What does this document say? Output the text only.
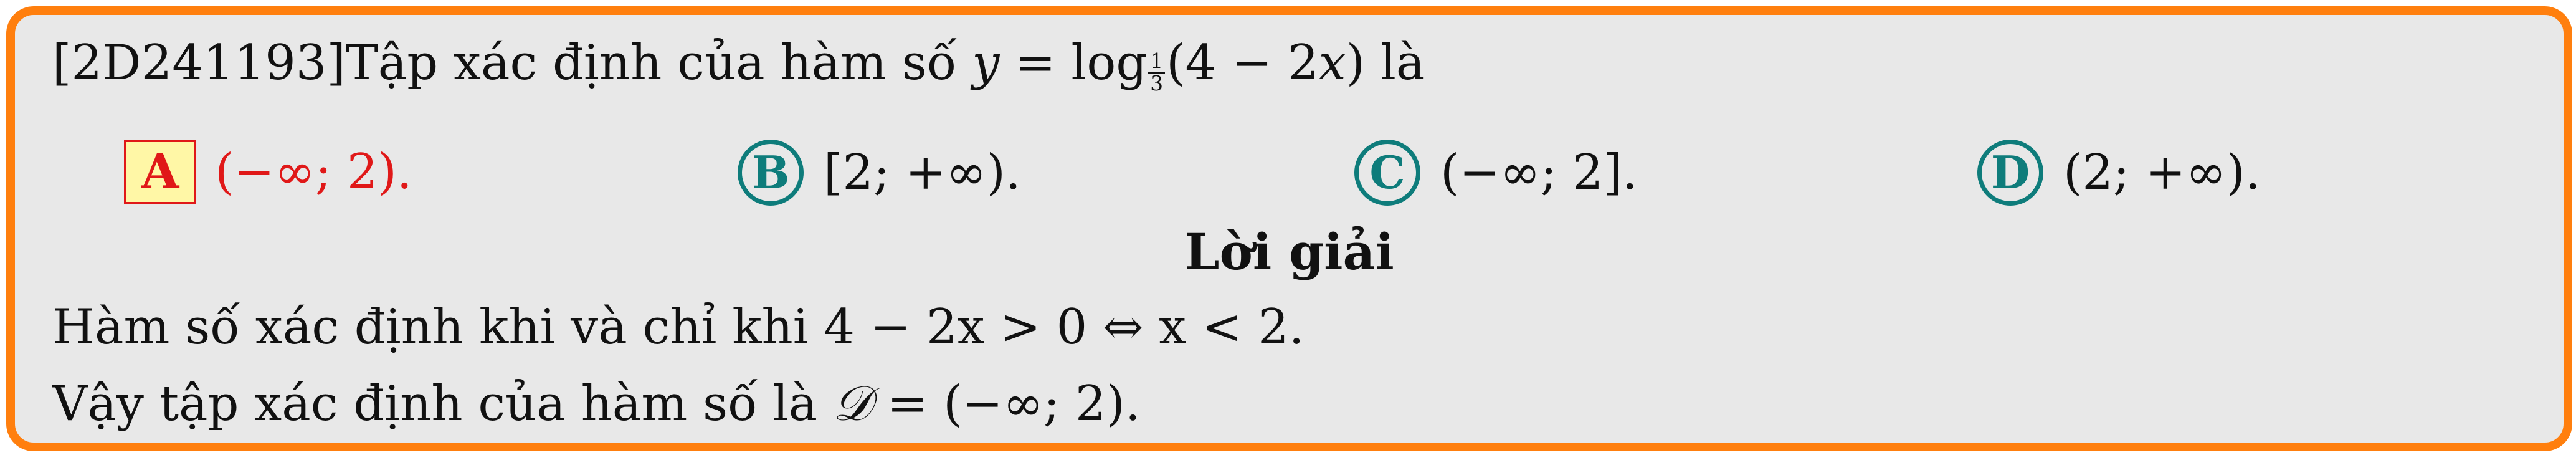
[2D241193]Tập xác định của hàm số $y = \log \frac{1}{3} (4 - 2x)$ là
A (−∞; 2).	B [2; +∞).	C (−∞; 2].	D (2; +∞).
Lời giải
Hàm số xác định khi và chỉ khi 4 − 2x > 0 ⇔ x < 2.
Vậy tập xác định của hàm số là 𝒟 = (−∞; 2).
